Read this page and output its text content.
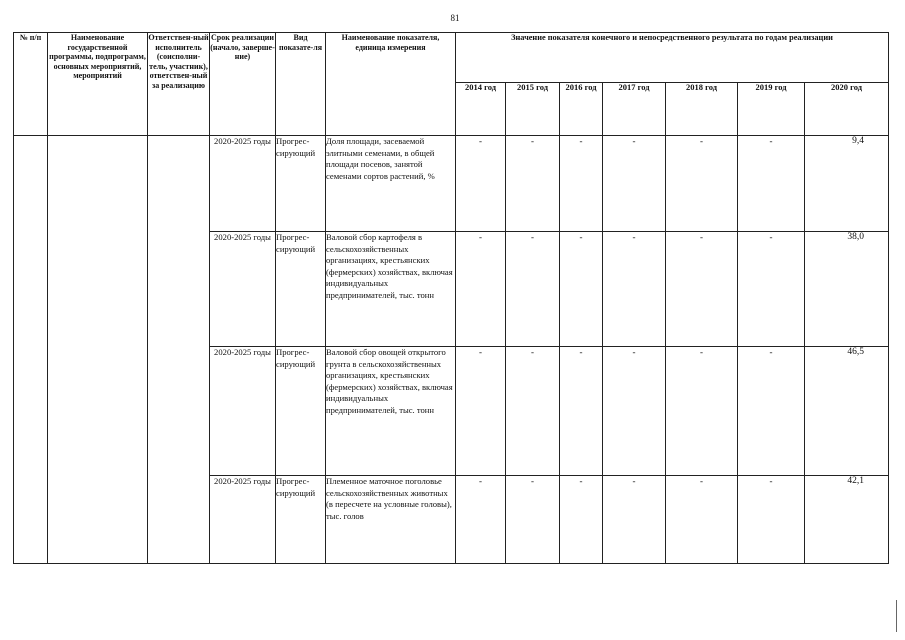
81
№ п/п	Наименование государственной программы, подпрограмм, основных мероприятий, мероприятий	Ответствен-ный исполнитель (соисполни-тель, участник), ответствен-ный за реализацию	Срок реализации (начало, заверше-ние)	Вид показате-ля	Наименование показателя, единица измерения	Значение показателя конечного и непосредственного результата по годам реализации						
						2014 год	2015 год	2016 год	2017 год	2018 год	2019 год	2020 год
			2020-2025 годы	Прогрес-сирующий	Доля площади, засеваемой элитными семенами, в общей площади посевов, занятой семенами сортов растений, %	-	-	-	-	-	-	9,4
			2020-2025 годы	Прогрес-сирующий	Валовой сбор картофеля в сельскохозяйственных организациях, крестьянских (фермерских) хозяйствах, включая индивидуальных предпринимателей, тыс. тонн	-	-	-	-	-	-	38,0
			2020-2025 годы	Прогрес-сирующий	Валовой сбор овощей открытого грунта в сельскохозяйственных организациях, крестьянских (фермерских) хозяйствах, включая индивидуальных предпринимателей, тыс. тонн	-	-	-	-	-	-	46,5
			2020-2025 годы	Прогрес-сирующий	Племенное маточное поголовье сельскохозяйственных животных (в пересчете на условные головы), тыс. голов	-	-	-	-	-	-	42,1
